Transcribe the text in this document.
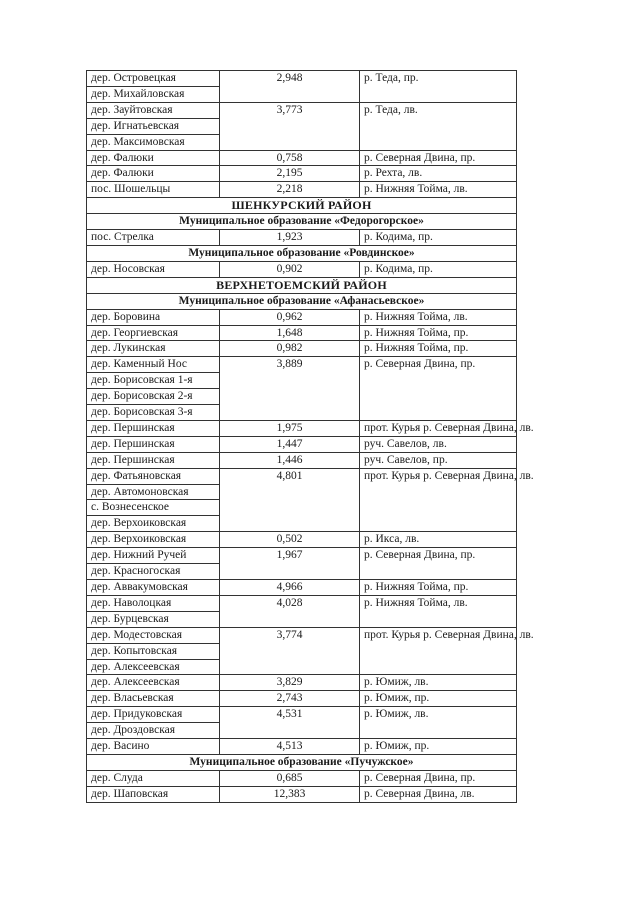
дер. Островецкая	2,948	р. Теда, пр.
дер. Михайловская		
дер. Зауйтовская	3,773	р. Теда, лв.
дер. Игнатьевская		
дер. Максимовская		
дер. Фалюки	0,758	р. Северная Двина, пр.
дер. Фалюки	2,195	р. Рехта, лв.
пос. Шошельцы	2,218	р. Нижняя Тойма, лв.
ШЕНКУРСКИЙ РАЙОН		
Муниципальное образование «Федорогорское»		
пос. Стрелка	1,923	р. Кодима, пр.
Муниципальное образование «Ровдинское»		
дер. Носовская	0,902	р. Кодима, пр.
ВЕРХНЕТОЕМСКИЙ РАЙОН		
Муниципальное образование «Афанасьевское»		
дер. Боровина	0,962	р. Нижняя Тойма, лв.
дер. Георгиевская	1,648	р. Нижняя Тойма, пр.
дер. Лукинская	0,982	р. Нижняя Тойма, пр.
дер. Каменный Нос	3,889	р. Северная Двина, пр.
дер. Борисовская 1-я		
дер. Борисовская 2-я		
дер. Борисовская 3-я		
дер. Першинская	1,975	прот. Курья р. Северная Двина, лв.
дер. Першинская	1,447	руч. Савелов, лв.
дер. Першинская	1,446	руч. Савелов, пр.
дер. Фатьяновская	4,801	прот. Курья р. Северная Двина, лв.
дер. Автомоновская		
с. Вознесенское		
дер. Верхоиковская		
дер. Верхоиковская	0,502	р. Икса, лв.
дер. Нижний Ручей	1,967	р. Северная Двина, пр.
дер. Красногоская		
дер. Аввакумовская	4,966	р. Нижняя Тойма, пр.
дер. Наволоцкая	4,028	р. Нижняя Тойма, лв.
дер. Бурцевская		
дер. Модестовская	3,774	прот. Курья р. Северная Двина, лв.
дер. Копытовская		
дер. Алексеевская		
дер. Алексеевская	3,829	р. Юмиж, лв.
дер. Власьевская	2,743	р. Юмиж, пр.
дер. Придуковская	4,531	р. Юмиж, лв.
дер. Дроздовская		
дер. Васино	4,513	р. Юмиж, пр.
Муниципальное образование «Пучужское»		
дер. Слуда	0,685	р. Северная Двина, пр.
дер. Шаповская	12,383	р. Северная Двина, лв.
